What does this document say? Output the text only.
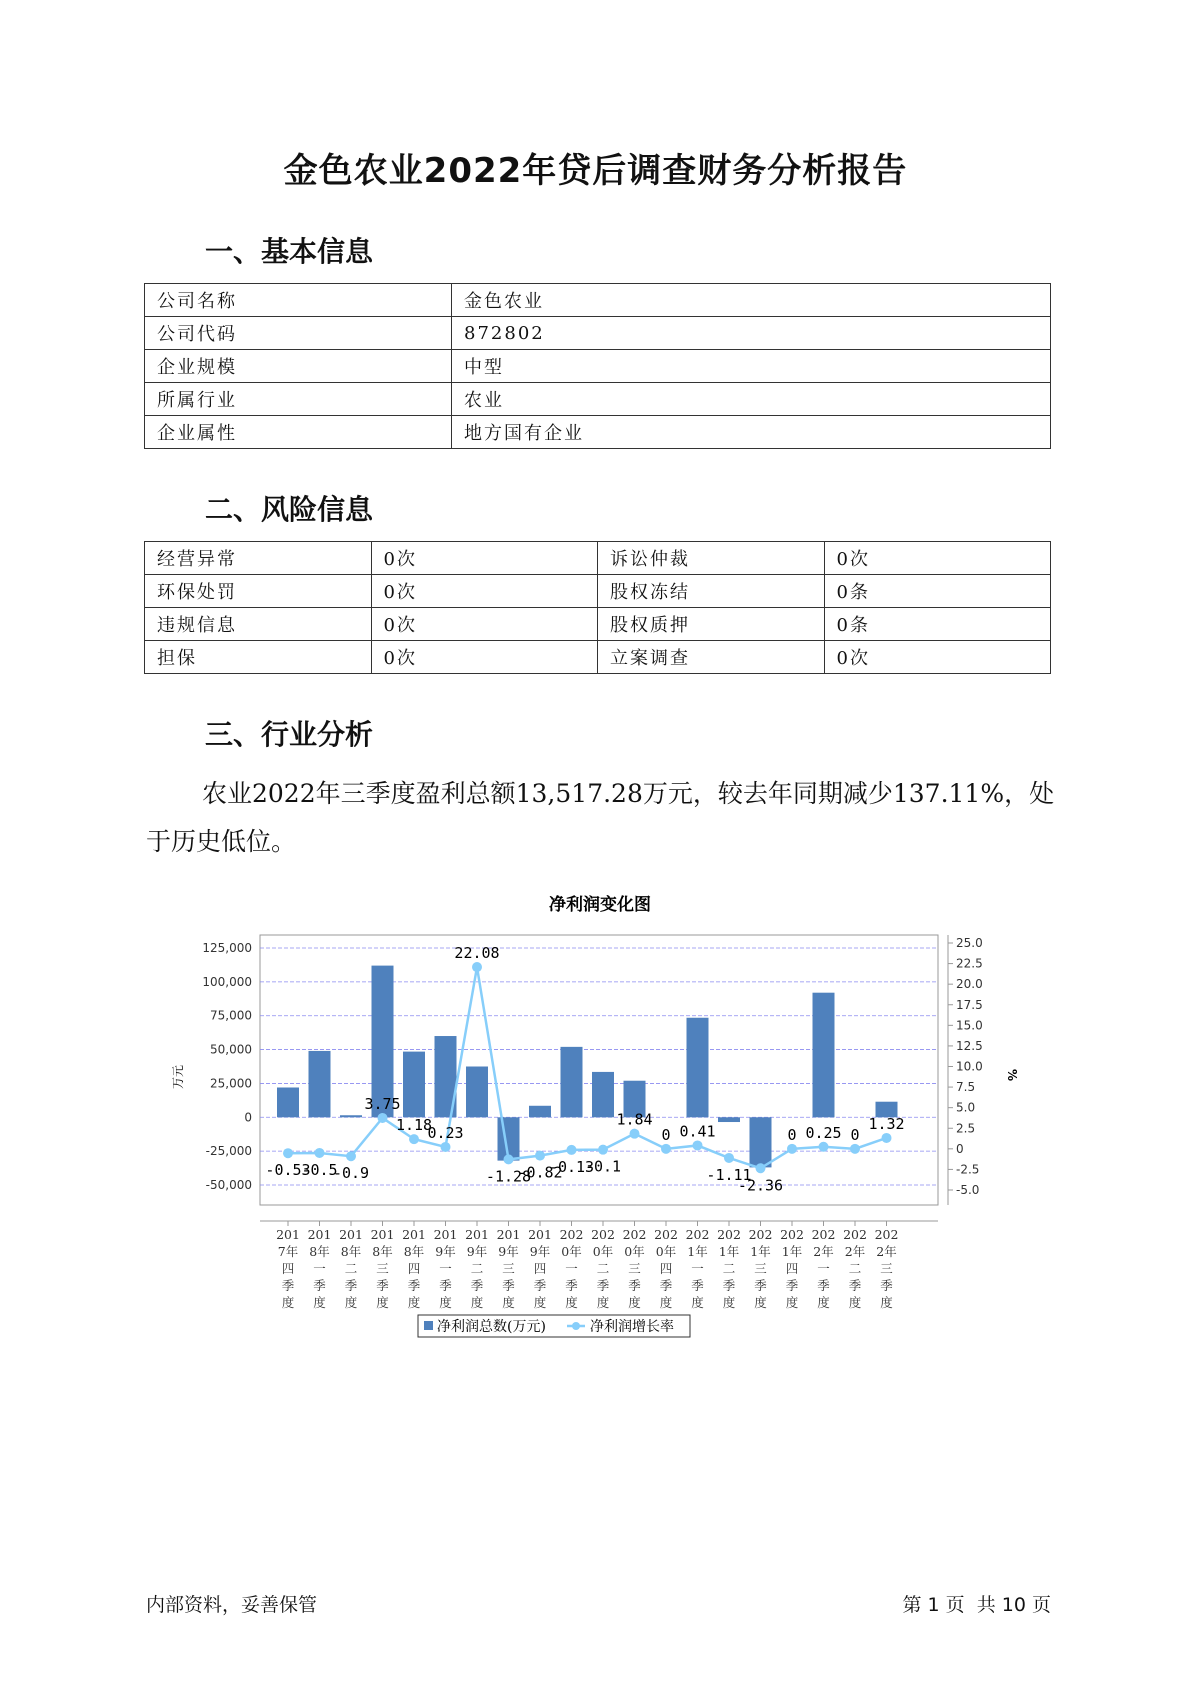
金色农业2022年贷后调查财务分析报告
一、基本信息
公司名称	金色农业
公司代码	872802
企业规模	中型
所属行业	农业
企业属性	地方国有企业
二、风险信息
经营异常	0次	诉讼仲裁	0次
环保处罚	0次	股权冻结	0条
违规信息	0次	股权质押	0条
担保	0次	立案调查	0次
三、行业分析
农业2022年三季度盈利总额13,517.28万元，较去年同期减少137.11%，处于历史低位。
净利润变化图
125,000
100,000
75,000
50,000
25,000
0
-25,000
-50,000
25.0
22.5
20.0
17.5
15.0
12.5
10.0
7.5
5.0
2.5
0
-2.5
-5.0
万元	%
-0.53
-0.5
-0.9
3.75
1.18
0.23
22.08
-1.28
-0.82
-0.13
-0.1
1.84
0 0.41
-1.11
-2.36
0 0.25 0
1.32
201 7年四季度
201 8年一季度
201 8年二季度
201 8年三季度
201 8年四季度
201 9年一季度
201 9年二季度
201 9年三季度
201 9年四季度
202 0年一季度
202 0年二季度
202 0年三季度
202 0年四季度
202 1年一季度
202 1年二季度
202 1年三季度
202 1年四季度
202 2年一季度
202 2年二季度
202 2年三季度
净利润总数(万元)	净利润增长率
内部资料，妥善保管	第 1 页  共 10 页
